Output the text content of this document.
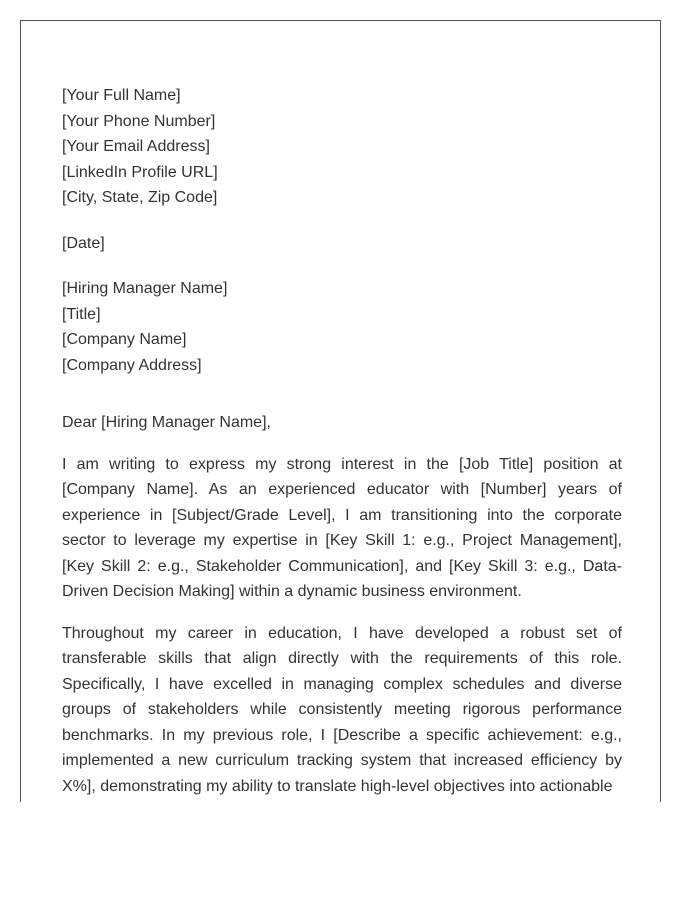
[Your Full Name]
[Your Phone Number]
[Your Email Address]
[LinkedIn Profile URL]
[City, State, Zip Code]
[Date]
[Hiring Manager Name]
[Title]
[Company Name]
[Company Address]

Dear [Hiring Manager Name],

I am writing to express my strong interest in the [Job Title] position at [Company Name]. As an experienced educator with [Number] years of experience in [Subject/Grade Level], I am transitioning into the corporate sector to leverage my expertise in [Key Skill 1: e.g., Project Management], [Key Skill 2: e.g., Stakeholder Communication], and [Key Skill 3: e.g., Data-Driven Decision Making] within a dynamic business environment.

Throughout my career in education, I have developed a robust set of transferable skills that align directly with the requirements of this role. Specifically, I have excelled in managing complex schedules and diverse groups of stakeholders while consistently meeting rigorous performance benchmarks. In my previous role, I [Describe a specific achievement: e.g., implemented a new curriculum tracking system that increased efficiency by X%], demonstrating my ability to translate high-level objectives into actionable
